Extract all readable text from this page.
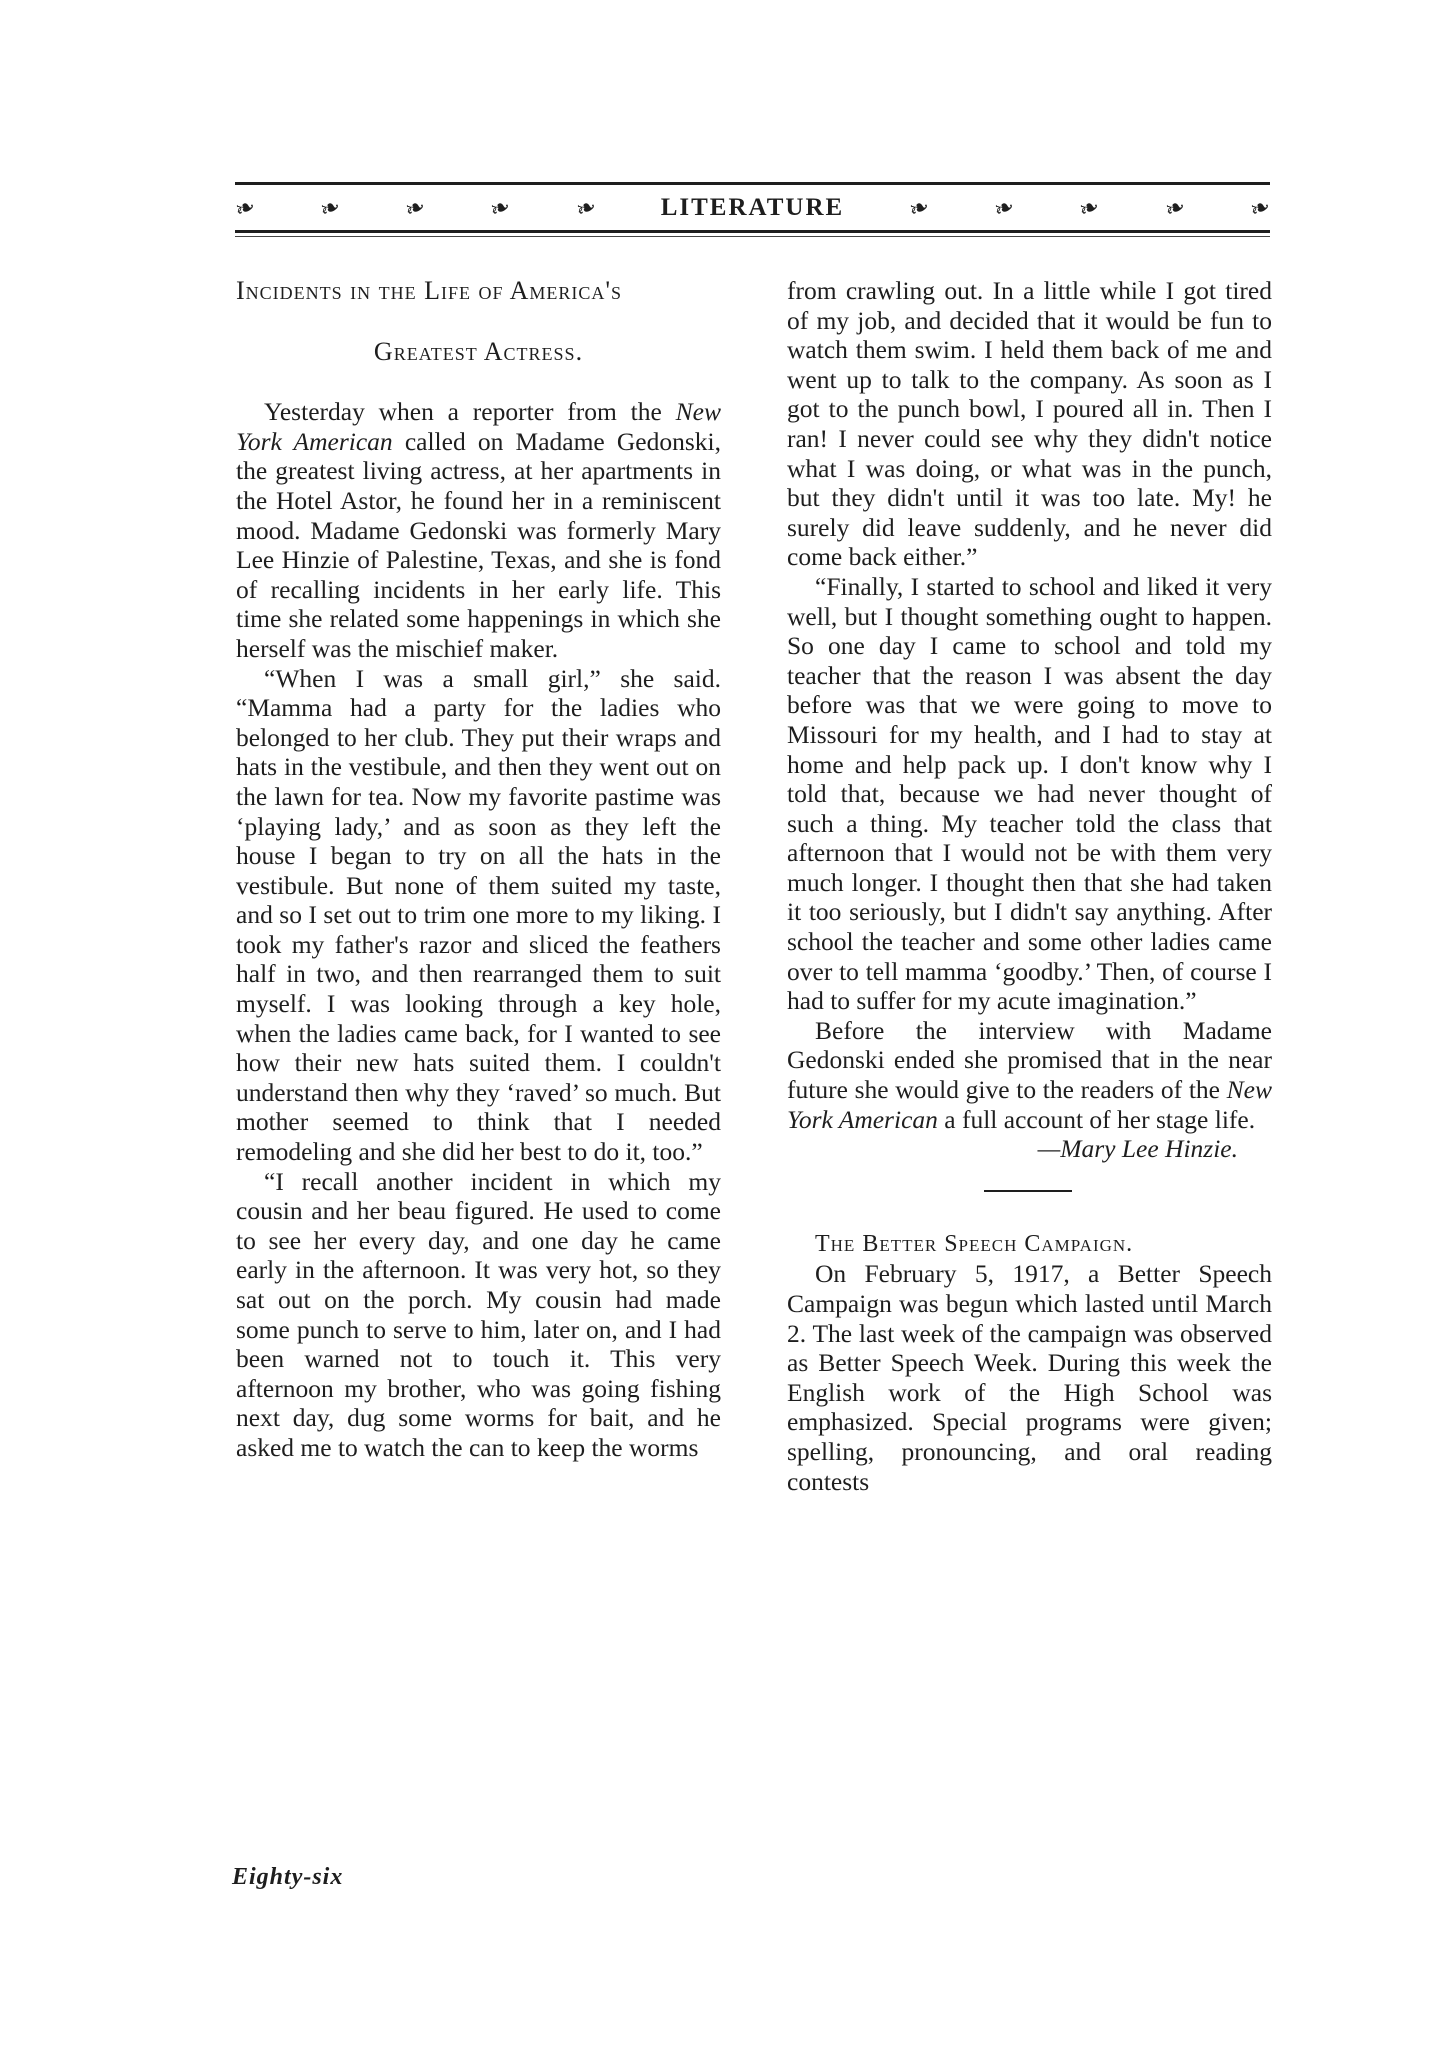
❧ ❧ ❧ ❧ ❧ LITERATURE	❧ ❧ ❧ ❧ ❧
Incidents in the Life of America's
Greatest Actress.

Yesterday when a reporter from the New York American called on Madame Gedonski, the greatest living actress, at her apartments in the Hotel Astor, he found her in a reminiscent mood. Madame Gedonski was formerly Mary Lee Hinzie of Palestine, Texas, and she is fond of recalling incidents in her early life. This time she related some happenings in which she herself was the mischief maker.

“When I was a small girl,” she said. “Mamma had a party for the ladies who belonged to her club. They put their wraps and hats in the vestibule, and then they went out on the lawn for tea. Now my favorite pastime was ‘playing lady,’ and as soon as they left the house I began to try on all the hats in the vestibule. But none of them suited my taste, and so I set out to trim one more to my liking. I took my father's razor and sliced the feathers half in two, and then rearranged them to suit myself. I was looking through a key hole, when the ladies came back, for I wanted to see how their new hats suited them. I couldn't understand then why they ‘raved’ so much. But mother seemed to think that I needed remodeling and she did her best to do it, too.”

“I recall another incident in which my cousin and her beau figured. He used to come to see her every day, and one day he came early in the afternoon. It was very hot, so they sat out on the porch. My cousin had made some punch to serve to him, later on, and I had been warned not to touch it. This very afternoon my brother, who was going fishing next day, dug some worms for bait, and he asked me to watch the can to keep the worms

from crawling out. In a little while I got tired of my job, and decided that it would be fun to watch them swim. I held them back of me and went up to talk to the company. As soon as I got to the punch bowl, I poured all in. Then I ran! I never could see why they didn't notice what I was doing, or what was in the punch, but they didn't until it was too late. My! he surely did leave suddenly, and he never did come back either.”

“Finally, I started to school and liked it very well, but I thought something ought to happen. So one day I came to school and told my teacher that the reason I was absent the day before was that we were going to move to Missouri for my health, and I had to stay at home and help pack up. I don't know why I told that, because we had never thought of such a thing. My teacher told the class that afternoon that I would not be with them very much longer. I thought then that she had taken it too seriously, but I didn't say anything. After school the teacher and some other ladies came over to tell mamma ‘goodby.’ Then, of course I had to suffer for my acute imagination.”

Before the interview with Madame Gedonski ended she promised that in the near future she would give to the readers of the New York American a full account of her stage life.

—Mary Lee Hinzie.

The Better Speech Campaign.

On February 5, 1917, a Better Speech Campaign was begun which lasted until March 2. The last week of the campaign was observed as Better Speech Week. During this week the English work of the High School was emphasized. Special programs were given; spelling, pronouncing, and oral reading contests

Eighty-six
